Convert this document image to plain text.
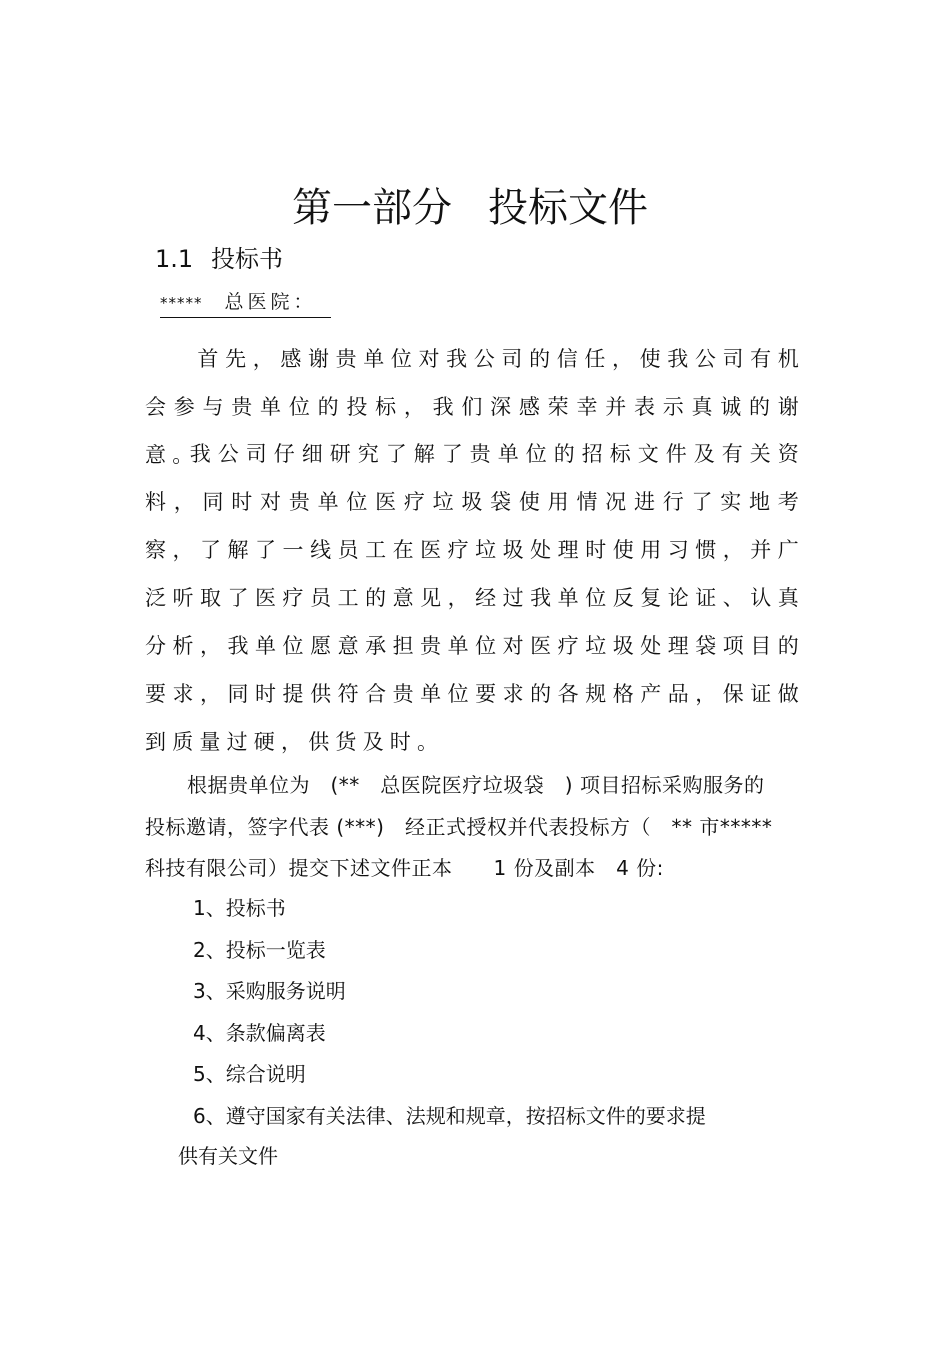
第一部分 投标文件
1.1 投标书
***** 总医院：
首先，感谢贵单位对我公司的信任，使我公司有机会参与贵单位的投标，我们深感荣幸并表示真诚的谢意。
我公司仔细研究了解了贵单位的招标文件及有关资料，同时对贵单位医疗垃圾袋使用情况进行了实地考察，了解了一线员工在医疗垃圾处理时使用习惯，并广泛听取了医疗员工的意见，经过我单位反复论证、认真分析，我单位愿意承担贵单位对医疗垃圾处理袋项目的要求，同时提供符合贵单位要求的各规格产品，保证做到质量过硬，供货及时。
根据贵单位为　(**　总医院医疗垃圾袋　) 项目招标采购服务的
投标邀请，签字代表 (***)　经正式授权并代表投标方（　** 市*****
科技有限公司）提交下述文件正本　　1 份及副本　4 份:
1、投标书
2、投标一览表
3、采购服务说明
4、条款偏离表
5、综合说明
6、遵守国家有关法律、法规和规章，按招标文件的要求提
供有关文件
